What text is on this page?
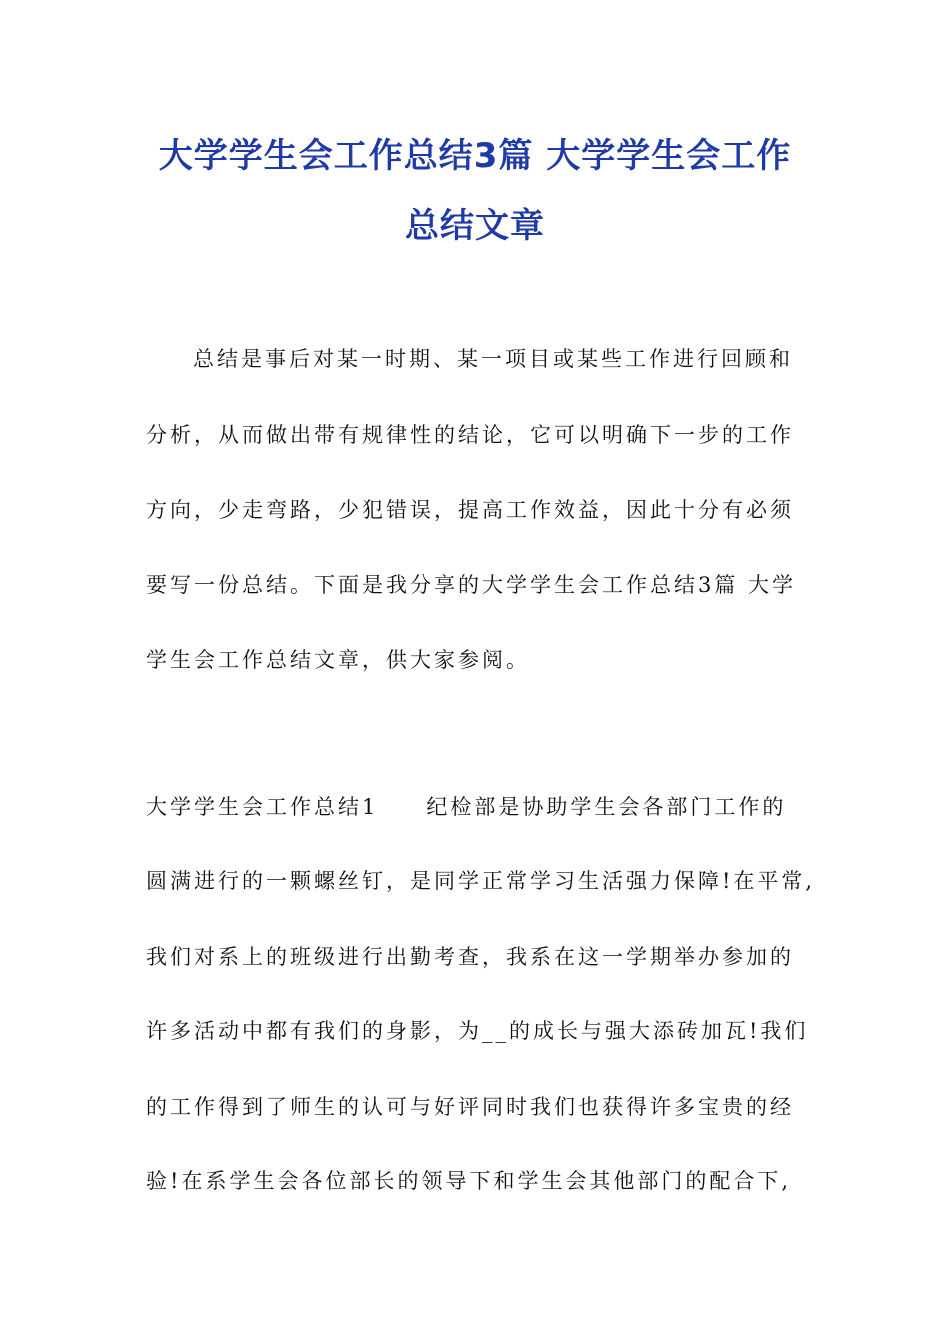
大学学生会工作总结3篇 大学学生会工作
总结文章

总结是事后对某一时期、某一项目或某些工作进行回顾和

分析，从而做出带有规律性的结论，它可以明确下一步的工作

方向，少走弯路，少犯错误，提高工作效益，因此十分有必须

要写一份总结。下面是我分享的大学学生会工作总结3篇 大学

学生会工作总结文章，供大家参阅。

大学学生会工作总结1　　纪检部是协助学生会各部门工作的

圆满进行的一颗螺丝钉，是同学正常学习生活强力保障!在平常,

我们对系上的班级进行出勤考查，我系在这一学期举办参加的

许多活动中都有我们的身影，为__的成长与强大添砖加瓦!我们

的工作得到了师生的认可与好评同时我们也获得许多宝贵的经

验!在系学生会各位部长的领导下和学生会其他部门的配合下,
